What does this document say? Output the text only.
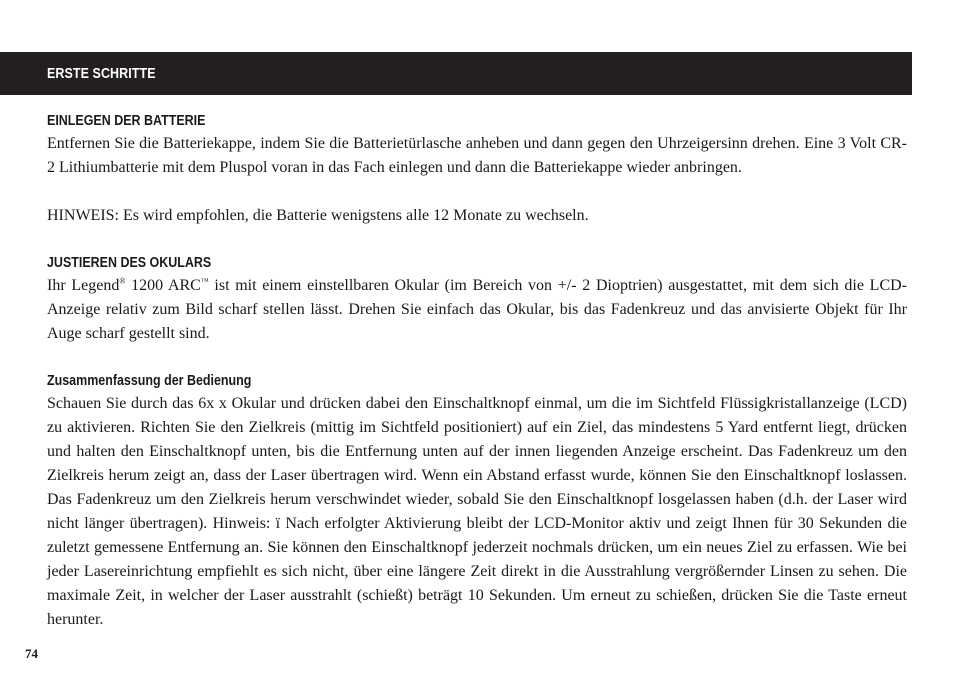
ERSTE SCHRITTE
EINLEGEN DER BATTERIE

Entfernen Sie die Batteriekappe, indem Sie die Batterietürlasche anheben und dann gegen den Uhrzeigersinn drehen. Eine 3 Volt CR-2 Lithiumbatterie mit dem Pluspol voran in das Fach einlegen und dann die Batteriekappe wieder anbringen.

HINWEIS: Es wird empfohlen, die Batterie wenigstens alle 12 Monate zu wechseln.

JUSTIEREN DES OKULARS

Ihr Legend® 1200 ARC™ ist mit einem einstellbaren Okular (im Bereich von +/- 2 Dioptrien) ausgestattet, mit dem sich die LCD-Anzeige relativ zum Bild scharf stellen lässt. Drehen Sie einfach das Okular, bis das Fadenkreuz und das anvisierte Objekt für Ihr Auge scharf gestellt sind.

Zusammenfassung der Bedienung

Schauen Sie durch das 6x x Okular und drücken dabei den Einschaltknopf einmal, um die im Sichtfeld Flüssigkristallanzeige (LCD) zu aktivieren. Richten Sie den Zielkreis (mittig im Sichtfeld positioniert) auf ein Ziel, das mindestens 5 Yard entfernt liegt, drücken und halten den Einschaltknopf unten, bis die Entfernung unten auf der innen liegenden Anzeige erscheint. Das Fadenkreuz um den Zielkreis herum zeigt an, dass der Laser übertragen wird. Wenn ein Abstand erfasst wurde, können Sie den Einschaltknopf loslassen. Das Fadenkreuz um den Zielkreis herum verschwindet wieder, sobald Sie den Einschaltknopf losgelassen haben (d.h. der Laser wird nicht länger übertragen). Hinweis: ï Nach erfolgter Aktivierung bleibt der LCD-Monitor aktiv und zeigt Ihnen für 30 Sekunden die zuletzt gemessene Entfernung an. Sie können den Einschaltknopf jederzeit nochmals drücken, um ein neues Ziel zu erfassen. Wie bei jeder Lasereinrichtung empfiehlt es sich nicht, über eine längere Zeit direkt in die Ausstrahlung vergrößernder Linsen zu sehen. Die maximale Zeit, in welcher der Laser ausstrahlt (schießt) beträgt 10 Sekunden. Um erneut zu schießen, drücken Sie die Taste erneut herunter.

74
